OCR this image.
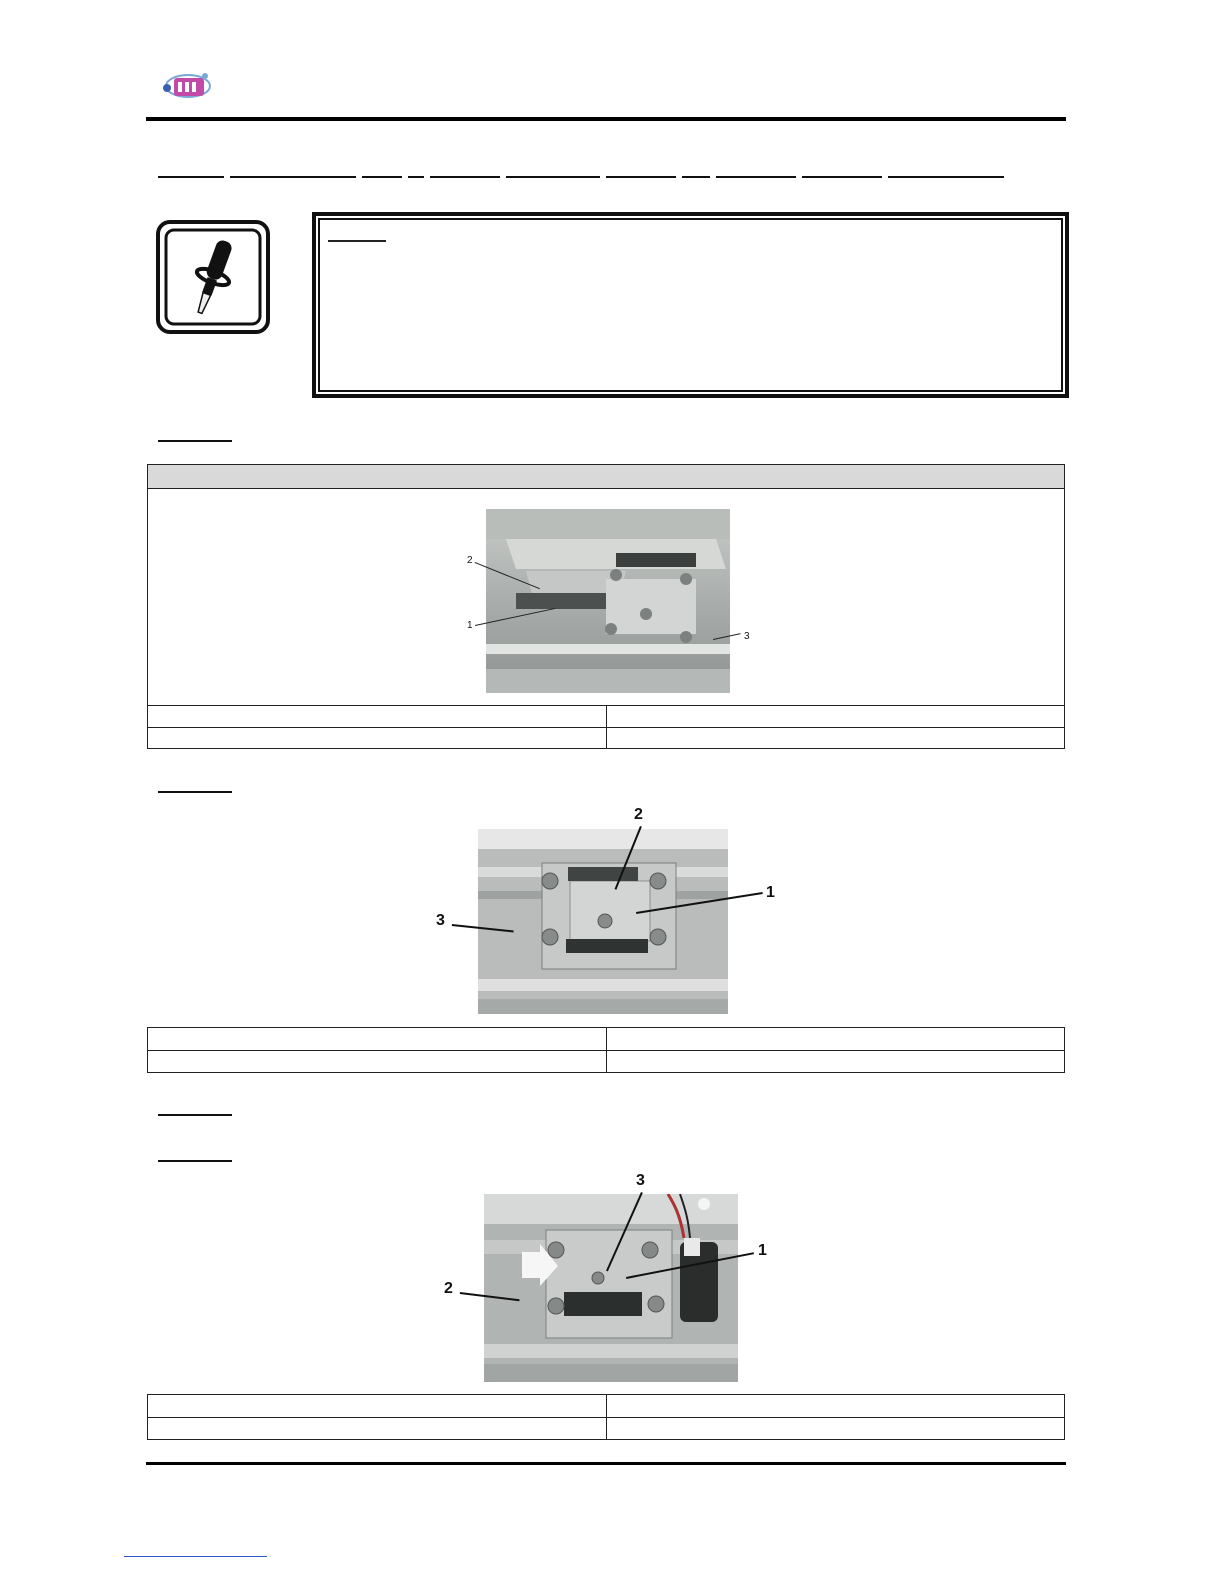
2
1
3
2
1
3
3
1
2
